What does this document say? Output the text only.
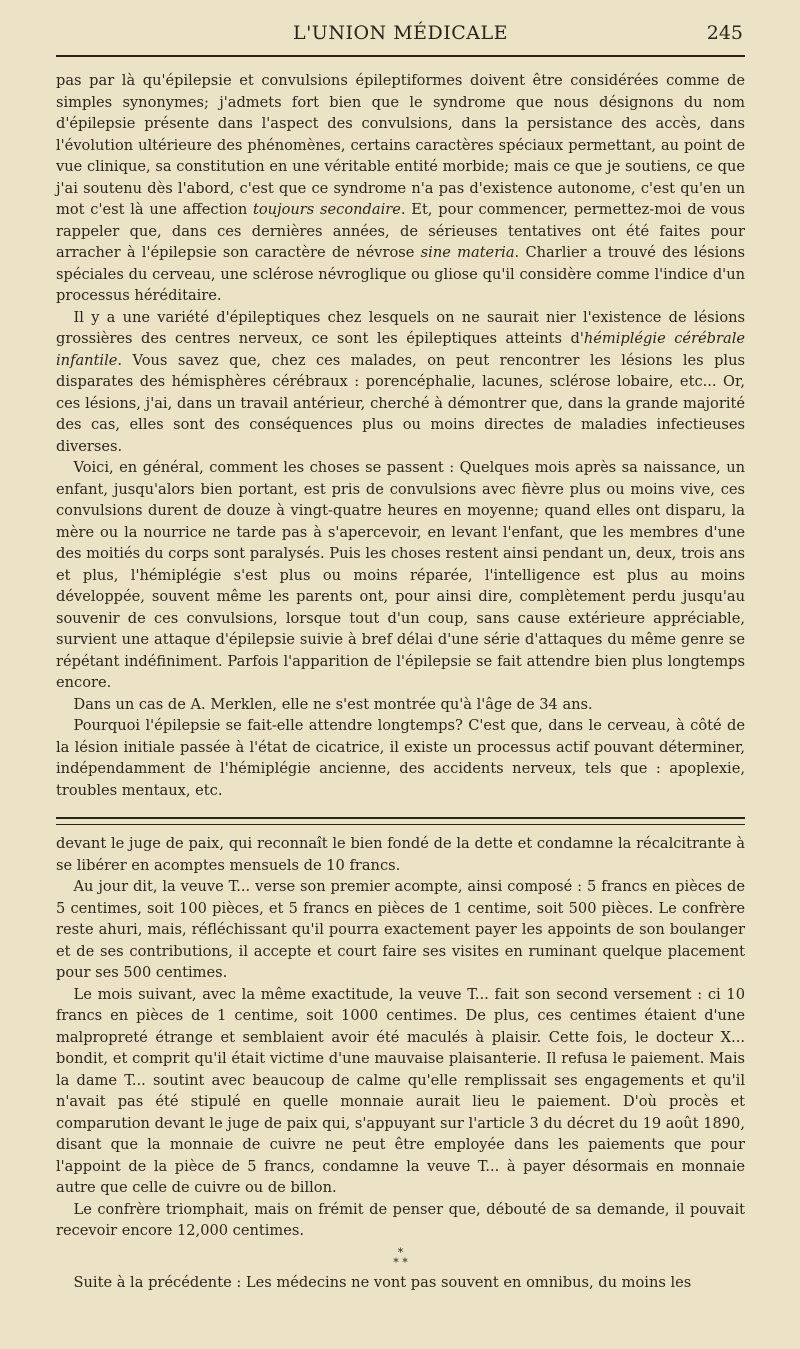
L'UNION MÉDICALE	245

pas par là qu'épilepsie et convulsions épileptiformes doivent être considérées comme de simples synonymes; j'admets fort bien que le syndrome que nous désignons du nom d'épilepsie présente dans l'aspect des convulsions, dans la persistance des accès, dans l'évolution ultérieure des phénomènes, certains caractères spéciaux permettant, au point de vue clinique, sa constitution en une véritable entité morbide; mais ce que je soutiens, ce que j'ai soutenu dès l'abord, c'est que ce syndrome n'a pas d'existence autonome, c'est qu'en un mot c'est là une affection toujours secondaire. Et, pour commencer, permettez-moi de vous rappeler que, dans ces dernières années, de sérieuses tentatives ont été faites pour arracher à l'épilepsie son caractère de névrose sine materia. Charlier a trouvé des lésions spéciales du cerveau, une sclérose névroglique ou gliose qu'il considère comme l'indice d'un processus héréditaire.

Il y a une variété d'épileptiques chez lesquels on ne saurait nier l'existence de lésions grossières des centres nerveux, ce sont les épileptiques atteints d'hémiplégie cérébrale infantile. Vous savez que, chez ces malades, on peut rencontrer les lésions les plus disparates des hémisphères cérébraux : porencéphalie, lacunes, sclérose lobaire, etc... Or, ces lésions, j'ai, dans un travail antérieur, cherché à démontrer que, dans la grande majorité des cas, elles sont des conséquences plus ou moins directes de maladies infectieuses diverses.

Voici, en général, comment les choses se passent : Quelques mois après sa naissance, un enfant, jusqu'alors bien portant, est pris de convulsions avec fièvre plus ou moins vive, ces convulsions durent de douze à vingt-quatre heures en moyenne; quand elles ont disparu, la mère ou la nourrice ne tarde pas à s'apercevoir, en levant l'enfant, que les membres d'une des moitiés du corps sont paralysés. Puis les choses restent ainsi pendant un, deux, trois ans et plus, l'hémiplégie s'est plus ou moins réparée, l'intelligence est plus au moins développée, souvent même les parents ont, pour ainsi dire, complètement perdu jusqu'au souvenir de ces convulsions, lorsque tout d'un coup, sans cause extérieure appréciable, survient une attaque d'épilepsie suivie à bref délai d'une série d'attaques du même genre se répétant indéfiniment. Parfois l'apparition de l'épilepsie se fait attendre bien plus longtemps encore.

Dans un cas de A. Merklen, elle ne s'est montrée qu'à l'âge de 34 ans.

Pourquoi l'épilepsie se fait-elle attendre longtemps? C'est que, dans le cerveau, à côté de la lésion initiale passée à l'état de cicatrice, il existe un processus actif pouvant déterminer, indépendamment de l'hémiplégie ancienne, des accidents nerveux, tels que : apoplexie, troubles mentaux, etc.

devant le juge de paix, qui reconnaît le bien fondé de la dette et condamne la récalcitrante à se libérer en acomptes mensuels de 10 francs.

Au jour dit, la veuve T... verse son premier acompte, ainsi composé : 5 francs en pièces de 5 centimes, soit 100 pièces, et 5 francs en pièces de 1 centime, soit 500 pièces. Le confrère reste ahuri, mais, réfléchissant qu'il pourra exactement payer les appoints de son boulanger et de ses contributions, il accepte et court faire ses visites en ruminant quelque placement pour ses 500 centimes.

Le mois suivant, avec la même exactitude, la veuve T... fait son second versement : ci 10 francs en pièces de 1 centime, soit 1000 centimes. De plus, ces centimes étaient d'une malpropreté étrange et semblaient avoir été maculés à plaisir. Cette fois, le docteur X... bondit, et comprit qu'il était victime d'une mauvaise plaisanterie. Il refusa le paiement. Mais la dame T... soutint avec beaucoup de calme qu'elle remplissait ses engagements et qu'il n'avait pas été stipulé en quelle monnaie aurait lieu le paiement. D'où procès et comparution devant le juge de paix qui, s'appuyant sur l'article 3 du décret du 19 août 1890, disant que la monnaie de cuivre ne peut être employée dans les paiements que pour l'appoint de la pièce de 5 francs, condamne la veuve T... à payer désormais en monnaie autre que celle de cuivre ou de billon.

Le confrère triomphait, mais on frémit de penser que, débouté de sa demande, il pouvait recevoir encore 12,000 centimes.

*
* *

Suite à la précédente : Les médecins ne vont pas souvent en omnibus, du moins les
